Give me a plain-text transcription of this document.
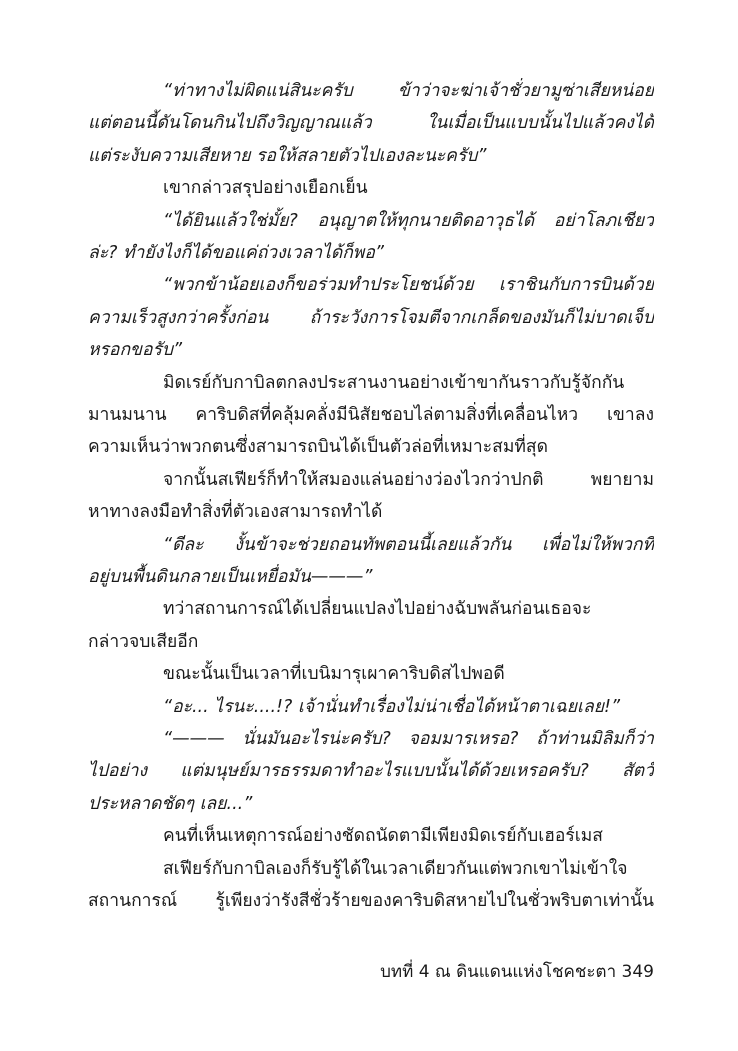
“ท่าทางไม่ผิดแน่สินะครับ ข้าว่าจะฆ่าเจ้าชั่วยามูซ่าเสียหน่อย
แต่ตอนนี้ดันโดนกินไปถึงวิญญาณแล้ว ในเมื่อเป็นแบบนั้นไปแล้วคงได้
แต่ระงับความเสียหาย รอให้สลายตัวไปเองละนะครับ”
เขากล่าวสรุปอย่างเยือกเย็น
“ได้ยินแล้วใช่มั้ย? อนุญาตให้ทุกนายติดอาวุธได้ อย่าโลภเชียว
ล่ะ? ทำยังไงก็ได้ขอแค่ถ่วงเวลาได้ก็พอ”
“พวกข้าน้อยเองก็ขอร่วมทำประโยชน์ด้วย เราชินกับการบินด้วย
ความเร็วสูงกว่าครั้งก่อน ถ้าระวังการโจมตีจากเกล็ดของมันก็ไม่บาดเจ็บ
หรอกขอรับ”
มิดเรย์กับกาบิลตกลงประสานงานอย่างเข้าขากันราวกับรู้จักกัน
มานมนาน คาริบดิสที่คลุ้มคลั่งมีนิสัยชอบไล่ตามสิ่งที่เคลื่อนไหว เขาลง
ความเห็นว่าพวกตนซึ่งสามารถบินได้เป็นตัวล่อที่เหมาะสมที่สุด
จากนั้นสเฟียร์ก็ทำให้สมองแล่นอย่างว่องไวกว่าปกติ พยายาม
หาทางลงมือทำสิ่งที่ตัวเองสามารถทำได้
“ดีละ งั้นข้าจะช่วยถอนทัพตอนนี้เลยแล้วกัน เพื่อไม่ให้พวกที่
อยู่บนพื้นดินกลายเป็นเหยื่อมัน———”
ทว่าสถานการณ์ได้เปลี่ยนแปลงไปอย่างฉับพลันก่อนเธอจะ
กล่าวจบเสียอีก
ขณะนั้นเป็นเวลาที่เบนิมารุเผาคาริบดิสไปพอดี
“อะ... ไรนะ....!? เจ้านั่นทำเรื่องไม่น่าเชื่อได้หน้าตาเฉยเลย!”
“——— นั่นมันอะไรน่ะครับ? จอมมารเหรอ? ถ้าท่านมิลิมก็ว่า
ไปอย่าง แต่มนุษย์มารธรรมดาทำอะไรแบบนั้นได้ด้วยเหรอครับ? สัตว์
ประหลาดชัดๆ เลย...”
คนที่เห็นเหตุการณ์อย่างชัดถนัดตามีเพียงมิดเรย์กับเฮอร์เมส
สเฟียร์กับกาบิลเองก็รับรู้ได้ในเวลาเดียวกันแต่พวกเขาไม่เข้าใจ
สถานการณ์ รู้เพียงว่ารังสีชั่วร้ายของคาริบดิสหายไปในชั่วพริบตาเท่านั้น
บทที่ 4 ณ ดินแดนแห่งโชคชะตา 349
